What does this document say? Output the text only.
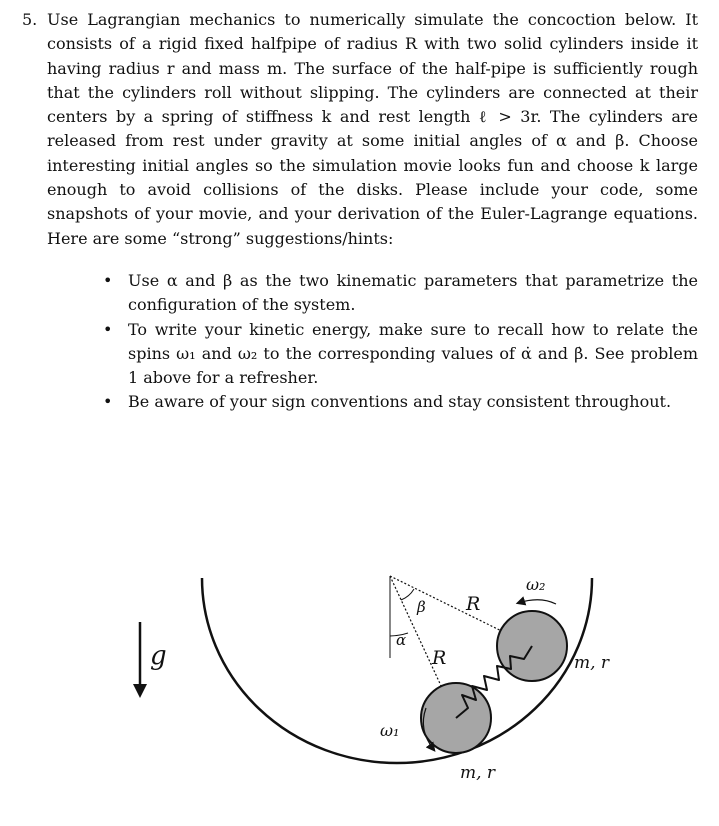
5. Use Lagrangian mechanics to numerically simulate the concoction below. It consists of a rigid fixed halfpipe of radius R with two solid cylinders inside it having radius r and mass m. The surface of the half-pipe is sufficiently rough that the cylinders roll without slipping. The cylinders are connected at their centers by a spring of stiffness k and rest length ℓ > 3r. The cylinders are released from rest under gravity at some initial angles of α and β. Choose interesting initial angles so the simulation movie looks fun and choose k large enough to avoid collisions of the disks. Please include your code, some snapshots of your movie, and your derivation of the Euler-Lagrange equations. Here are some “strong” suggestions/hints:
• Use α and β as the two kinematic parameters that parametrize the configuration of the system.
• To write your kinetic energy, make sure to recall how to relate the spins ω₁ and ω₂ to the corresponding values of α̇ and β̇. See problem 1 above for a refresher.
• Be aware of your sign conventions and stay consistent throughout.
g
α
β R
R
ω₂
ω₁
m, r
m, r
